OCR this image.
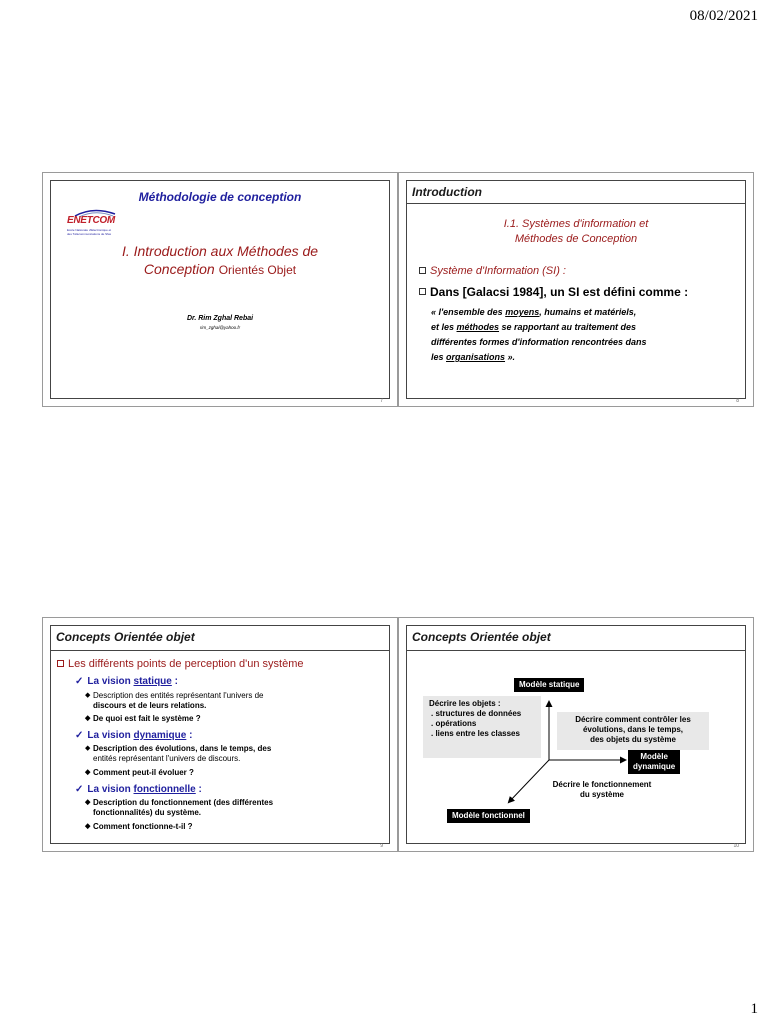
08/02/2021
Méthodologie de conception
ENETCOM
Ecole Nationale d'Electronique et
des Télécommunications de Sfax
I. Introduction aux Méthodes de
Conception Orientés Objet
Dr. Rim Zghal Rebai
rim_zghal@yahoo.fr
7
Introduction
I.1. Systèmes d'information et
Méthodes de Conception
Système d'Information (SI) :
Dans [Galacsi 1984], un SI est défini comme :
« l'ensemble des moyens, humains et matériels,
et les méthodes se rapportant au traitement des
différentes formes d'information rencontrées dans
les organisations ».
8
Concepts Orientée objet
Les différents points de perception d'un système
✓ La vision statique :
◆ Description des entités représentant l'univers de
discours et de leurs relations.
◆ De quoi est fait le système ?
✓ La vision dynamique :
◆ Description des évolutions, dans le temps, des
entités représentant l'univers de discours.
◆ Comment peut-il évoluer ?
✓ La vision fonctionnelle :
◆ Description du fonctionnement (des différentes
fonctionnalités) du système.
◆ Comment fonctionne-t-il ?
9
Concepts Orientée objet
Modèle statique
Modèle
dynamique
Modèle fonctionnel
Décrire les objets :
. structures de données
. opérations
. liens entre les classes
Décrire comment contrôler les
évolutions, dans le temps,
des objets du système
Décrire le fonctionnement
du système
10
1
